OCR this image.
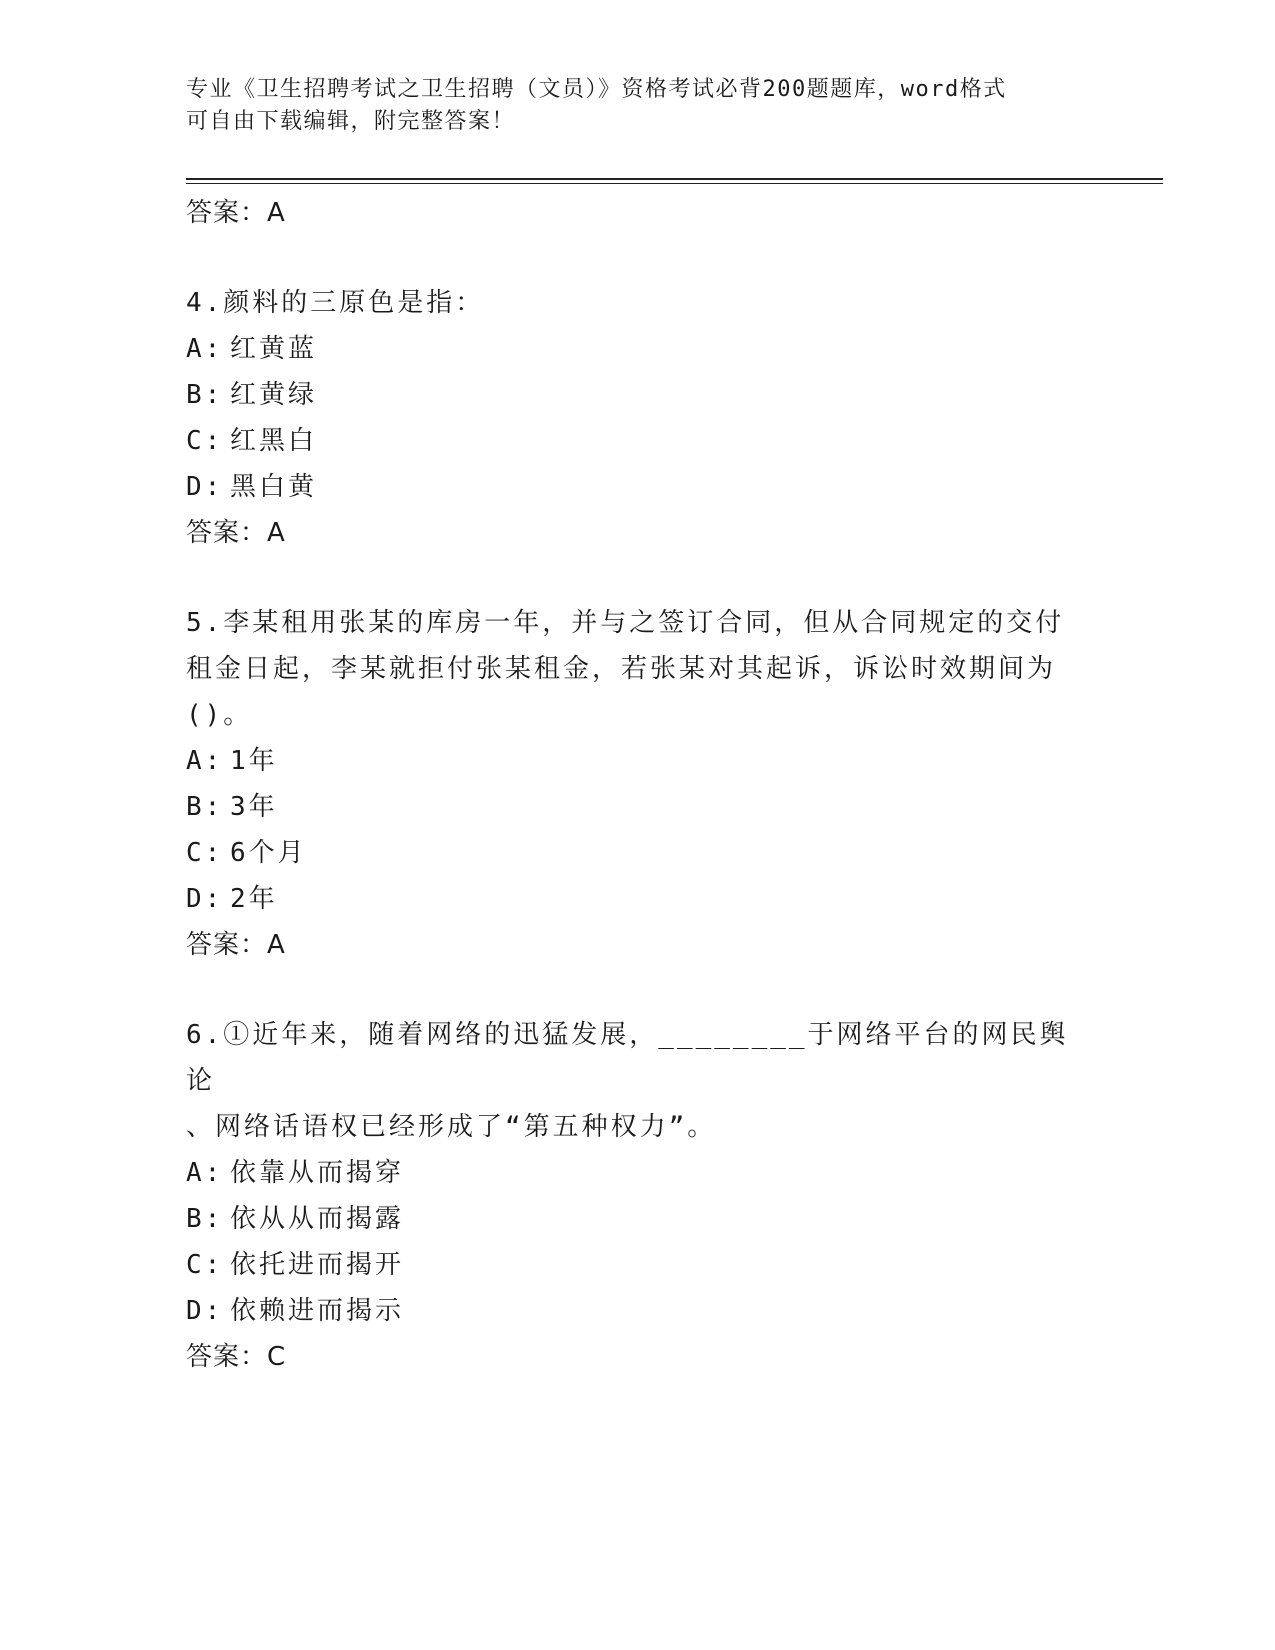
专业《卫生招聘考试之卫生招聘（文员）》资格考试必背200题题库，word格式
可自由下载编辑，附完整答案！
答案：A
4.颜料的三原色是指：
A: 红黄蓝
B: 红黄绿
C: 红黑白
D: 黑白黄
答案：A
5.李某租用张某的库房一年，并与之签订合同，但从合同规定的交付
租金日起，李某就拒付张某租金，若张某对其起诉，诉讼时效期间为
()。
A: 1年
B: 3年
C: 6个月
D: 2年
答案：A
6.①近年来，随着网络的迅猛发展，________于网络平台的网民舆论
、网络话语权已经形成了“第五种权力”。
A: 依靠从而揭穿
B: 依从从而揭露
C: 依托进而揭开
D: 依赖进而揭示
答案：C
